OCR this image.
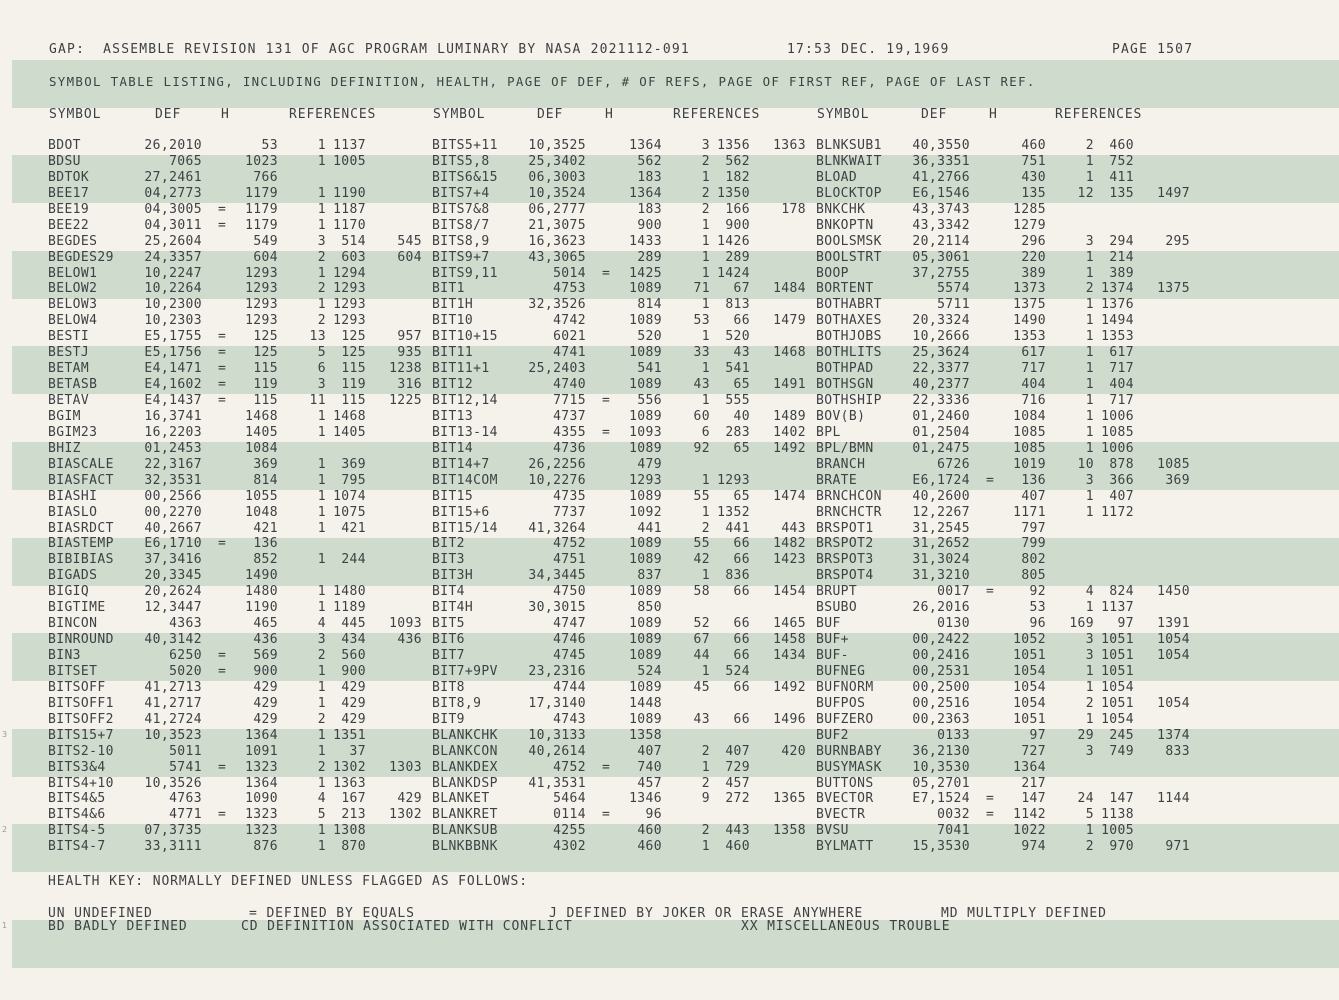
GAP:  ASSEMBLE REVISION 131 OF AGC PROGRAM LUMINARY BY NASA 2021112-091	17:53 DEC. 19,1969	PAGE 1507
SYMBOL TABLE LISTING, INCLUDING DEFINITION, HEALTH, PAGE OF DEF, # OF REFS, PAGE OF FIRST REF, PAGE OF LAST REF.
SYMBOL	DEF	H	REFERENCES	SYMBOL	DEF	H	REFERENCES	SYMBOL	DEF	H	REFERENCES
BDOT	26,2010	53	1 1137
BDSU	7065	1023	1 1005
BDTOK	27,2461	766
BEE17	04,2773	1179	1 1190
BEE19	04,3005 =	1179	1 1187
BEE22	04,3011 =	1179	1 1170
BEGDES	25,2604	549	3	514	545
BEGDES29	24,3357	604	2	603	604
BELOW1	10,2247	1293	1 1294
BELOW2	10,2264	1293	2 1293
BELOW3	10,2300	1293	1 1293
BELOW4	10,2303	1293	2 1293
BESTI	E5,1755 =	125	13	125	957
BESTJ	E5,1756 =	125	5	125	935
BETAM	E4,1471 =	115	6	115	1238
BETASB	E4,1602 =	119	3	119	316
BETAV	E4,1437 =	115	11	115	1225
BGIM	16,3741	1468	1 1468
BGIM23	16,2203	1405	1 1405
BHIZ	01,2453	1084
BIASCALE	22,3167	369	1	369
BIASFACT	32,3531	814	1	795
BIASHI	00,2566	1055	1 1074
BIASLO	00,2270	1048	1 1075
BIASRDCT	40,2667	421	1	421
BIASTEMP	E6,1710 =	136
BIBIBIAS	37,3416	852	1	244
BIGADS	20,3345	1490
BIGIQ	20,2624	1480	1 1480
BIGTIME	12,3447	1190	1 1189
BINCON	4363	465	4	445	1093
BINROUND	40,3142	436	3	434	436
BIN3	6250 =	569	2	560
BITSET	5020 =	900	1	900
BITSOFF	41,2713	429	1	429
BITSOFF1	41,2717	429	1	429
BITSOFF2	41,2724	429	2	429
BITS15+7	10,3523	1364	1 1351
BITS2-10	5011	1091	1	37
BITS3&4	5741 =	1323	2 1302	1303
BITS4+10	10,3526	1364	1 1363
BITS4&5	4763	1090	4	167	429
BITS4&6	4771 =	1323	5	213	1302
BITS4-5	07,3735	1323	1 1308
BITS4-7	33,3111	876	1	870
BITS5+11	10,3525	1364	3 1356	1363
BITS5,8	25,3402	562	2	562
BITS6&15	06,3003	183	1	182
BITS7+4	10,3524	1364	2 1350
BITS7&8	06,2777	183	2	166	178
BITS8/7	21,3075	900	1	900
BITS8,9	16,3623	1433	1 1426
BITS9+7	43,3065	289	1	289
BITS9,11	5014 =	1425	1 1424
BIT1	4753	1089	71	67	1484
BIT1H	32,3526	814	1	813
BIT10	4742	1089	53	66	1479
BIT10+15	6021	520	1	520
BIT11	4741	1089	33	43	1468
BIT11+1	25,2403	541	1	541
BIT12	4740	1089	43	65	1491
BIT12,14	7715 =	556	1	555
BIT13	4737	1089	60	40	1489
BIT13-14	4355 =	1093	6	283	1402
BIT14	4736	1089	92	65	1492
BIT14+7	26,2256	479
BIT14COM	10,2276	1293	1 1293
BIT15	4735	1089	55	65	1474
BIT15+6	7737	1092	1 1352
BIT15/14	41,3264	441	2	441	443
BIT2	4752	1089	55	66	1482
BIT3	4751	1089	42	66	1423
BIT3H	34,3445	837	1	836
BIT4	4750	1089	58	66	1454
BIT4H	30,3015	850
BIT5	4747	1089	52	66	1465
BIT6	4746	1089	67	66	1458
BIT7	4745	1089	44	66	1434
BIT7+9PV	23,2316	524	1	524
BIT8	4744	1089	45	66	1492
BIT8,9	17,3140	1448
BIT9	4743	1089	43	66	1496
BLANKCHK	10,3133	1358
BLANKCON	40,2614	407	2	407	420
BLANKDEX	4752 =	740	1	729
BLANKDSP	41,3531	457	2	457
BLANKET	5464	1346	9	272	1365
BLANKRET	0114 =	96
BLANKSUB	4255	460	2	443	1358
BLNKBBNK	4302	460	1	460
BLNKSUB1	40,3550	460	2	460
BLNKWAIT	36,3351	751	1	752
BLOAD	41,2766	430	1	411
BLOCKTOP	E6,1546	135	12	135	1497
BNKCHK	43,3743	1285
BNKOPTN	43,3342	1279
BOOLSMSK	20,2114	296	3	294	295
BOOLSTRT	05,3061	220	1	214
BOOP	37,2755	389	1	389
BORTENT	5574	1373	2 1374	1375
BOTHABRT	5711	1375	1 1376
BOTHAXES	20,3324	1490	1 1494
BOTHJOBS	10,2666	1353	1 1353
BOTHLITS	25,3624	617	1	617
BOTHPAD	22,3377	717	1	717
BOTHSGN	40,2377	404	1	404
BOTHSHIP	22,3336	716	1	717
BOV(B)	01,2460	1084	1 1006
BPL	01,2504	1085	1 1085
BPL/BMN	01,2475	1085	1 1006
BRANCH	6726	1019	10	878	1085
BRATE	E6,1724 =	136	3	366	369
BRNCHCON	40,2600	407	1	407
BRNCHCTR	12,2267	1171	1 1172
BRSPOT1	31,2545	797
BRSPOT2	31,2652	799
BRSPOT3	31,3024	802
BRSPOT4	31,3210	805
BRUPT	0017 =	92	4	824	1450
BSUBO	26,2016	53	1 1137
BUF	0130	96	169	97	1391
BUF+	00,2422	1052	3 1051	1054
BUF-	00,2416	1051	3 1051	1054
BUFNEG	00,2531	1054	1 1051
BUFNORM	00,2500	1054	1 1054
BUFPOS	00,2516	1054	2 1051	1054
BUFZERO	00,2363	1051	1 1054
BUF2	0133	97	29	245	1374
BURNBABY	36,2130	727	3	749	833
BUSYMASK	10,3530	1364
BUTTONS	05,2701	217
BVECTOR	E7,1524 =	147	24	147	1144
BVECTR	0032 =	1142	5 1138
BVSU	7041	1022	1 1005
BYLMATT	15,3530	974	2	970	971
HEALTH KEY: NORMALLY DEFINED UNLESS FLAGGED AS FOLLOWS:
UN UNDEFINED	= DEFINED BY EQUALS	J DEFINED BY JOKER OR ERASE ANYWHERE	MD MULTIPLY DEFINED
BD BADLY DEFINED	CD DEFINITION ASSOCIATED WITH CONFLICT	XX MISCELLANEOUS TROUBLE
3
2
1
